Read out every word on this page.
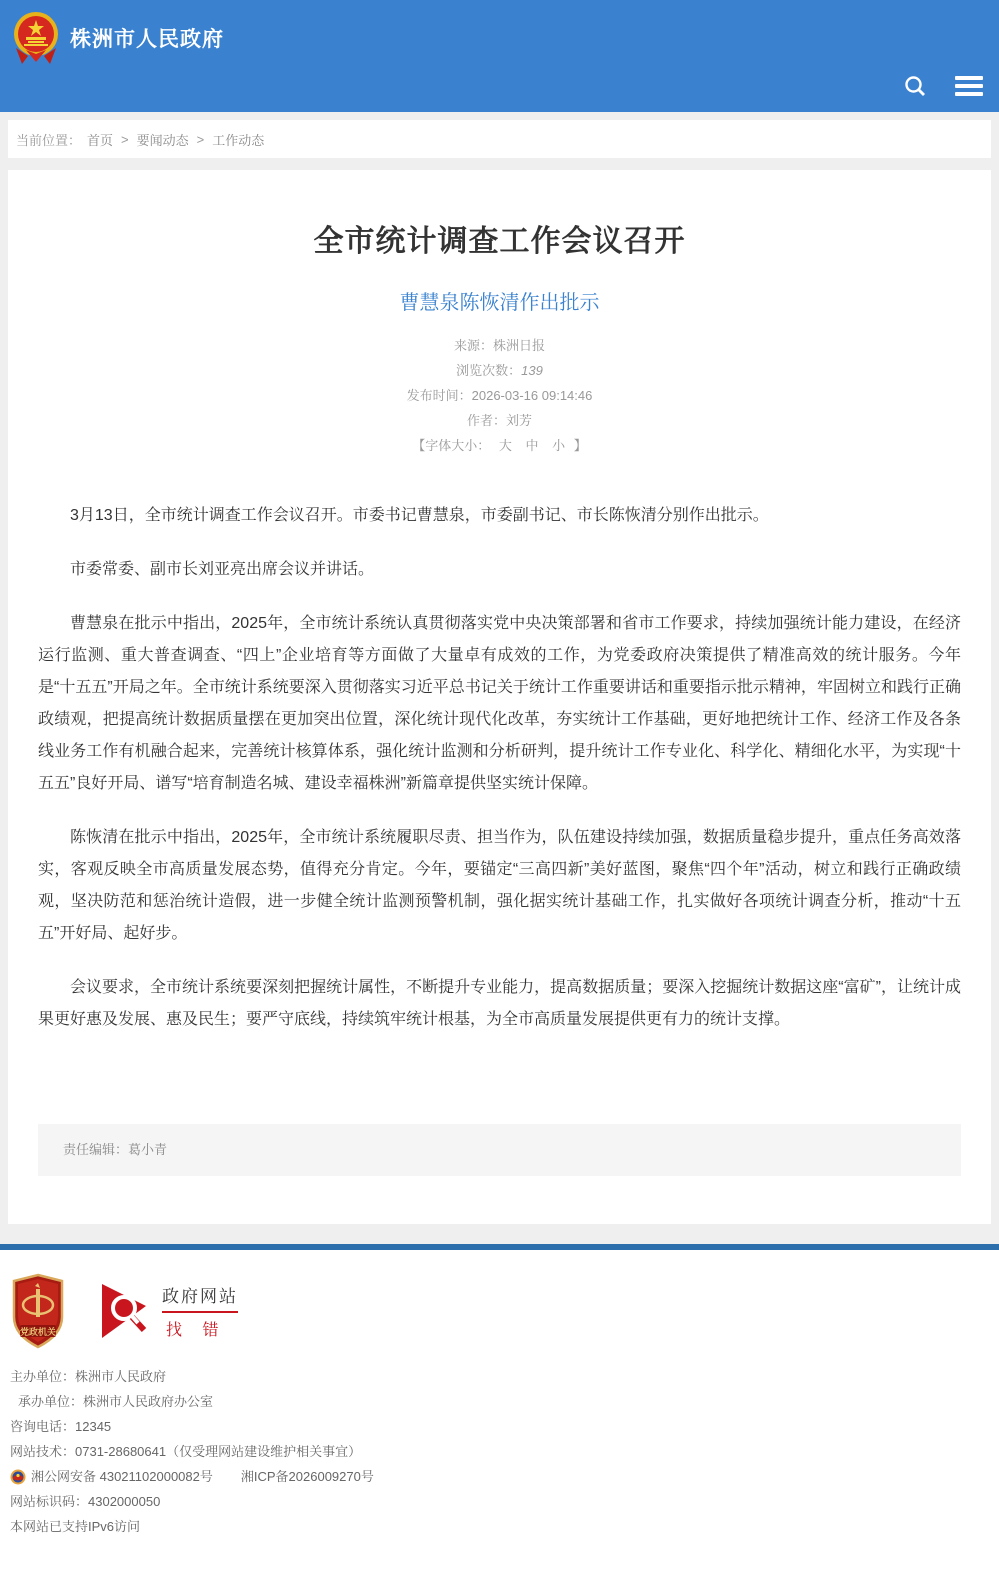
株洲市人民政府
当前位置： 首页 > 要闻动态 > 工作动态
全市统计调查工作会议召开
曹慧泉陈恢清作出批示
来源：株洲日报
浏览次数：139
发布时间：2026-03-16 09:14:46
作者：刘芳
【字体大小： 大 中 小 】

3月13日，全市统计调查工作会议召开。市委书记曹慧泉，市委副书记、市长陈恢清分别作出批示。

市委常委、副市长刘亚亮出席会议并讲话。

曹慧泉在批示中指出，2025年，全市统计系统认真贯彻落实党中央决策部署和省市工作要求，持续加强统计能力建设，在经济运行监测、重大普查调查、“四上”企业培育等方面做了大量卓有成效的工作，为党委政府决策提供了精准高效的统计服务。今年是“十五五”开局之年。全市统计系统要深入贯彻落实习近平总书记关于统计工作重要讲话和重要指示批示精神，牢固树立和践行正确政绩观，把提高统计数据质量摆在更加突出位置，深化统计现代化改革，夯实统计工作基础，更好地把统计工作、经济工作及各条线业务工作有机融合起来，完善统计核算体系，强化统计监测和分析研判，提升统计工作专业化、科学化、精细化水平，为实现“十五五”良好开局、谱写“培育制造名城、建设幸福株洲”新篇章提供坚实统计保障。

陈恢清在批示中指出，2025年，全市统计系统履职尽责、担当作为，队伍建设持续加强，数据质量稳步提升，重点任务高效落实，客观反映全市高质量发展态势，值得充分肯定。今年，要锚定“三高四新”美好蓝图，聚焦“四个年”活动，树立和践行正确政绩观，坚决防范和惩治统计造假，进一步健全统计监测预警机制，强化据实统计基础工作，扎实做好各项统计调查分析，推动“十五五”开好局、起好步。

会议要求，全市统计系统要深刻把握统计属性，不断提升专业能力，提高数据质量；要深入挖掘统计数据这座“富矿”，让统计成果更好惠及发展、惠及民生；要严守底线，持续筑牢统计根基，为全市高质量发展提供更有力的统计支撑。

责任编辑：葛小青
党政机关
政府网站
找 错
主办单位： 株洲市人民政府
承办单位： 株洲市人民政府办公室
咨询电话： 12345
网站技术： 0731-28680641（仅受理网站建设维护相关事宜）
湘公网安备 43021102000082号 湘ICP备2026009270号
网站标识码： 4302000050
本网站已支持IPv6访问
